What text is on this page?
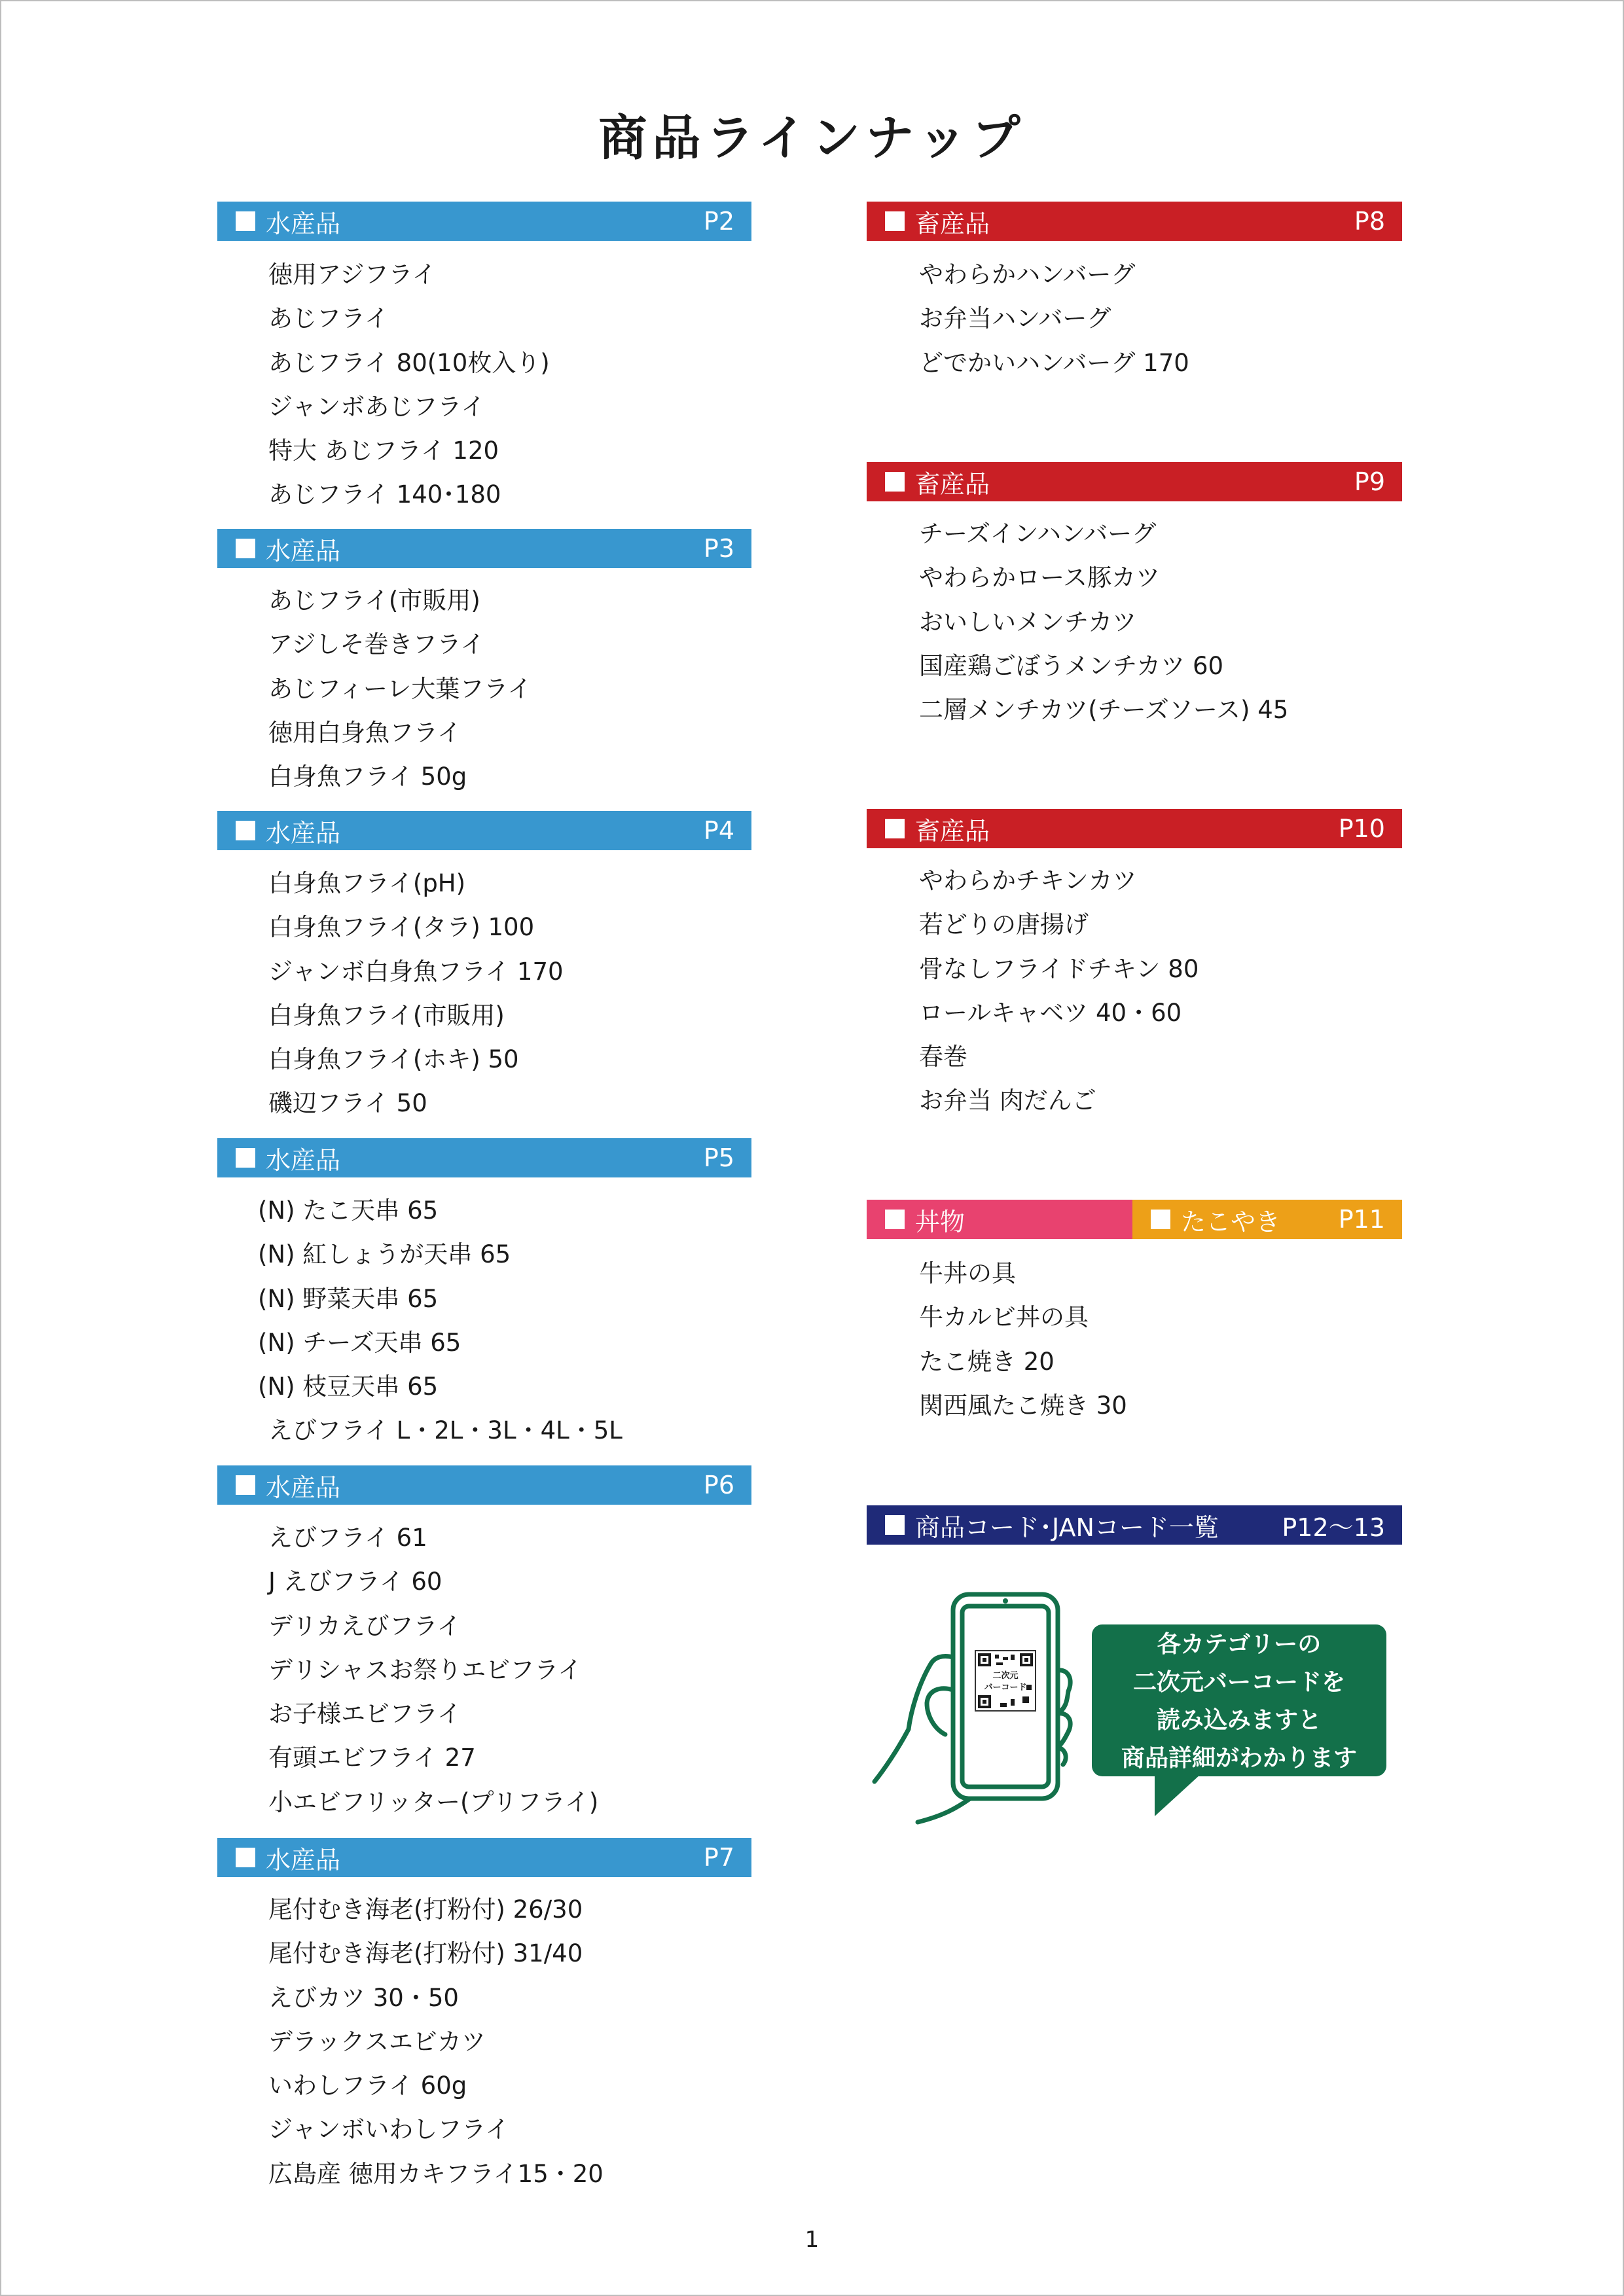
商品ラインナップ
水産品	P2
徳用アジフライ
あじフライ
あじフライ 80(10枚入り)
ジャンボあじフライ
特大 あじフライ 120
あじフライ 140･180
水産品	P3
あじフライ(市販用)
アジしそ巻きフライ
あじフィーレ大葉フライ
徳用白身魚フライ
白身魚フライ 50g
水産品	P4
白身魚フライ(pH)
白身魚フライ(タラ) 100
ジャンボ白身魚フライ 170
白身魚フライ(市販用)
白身魚フライ(ホキ) 50
磯辺フライ 50
水産品	P5
(N) たこ天串 65
(N) 紅しょうが天串 65
(N) 野菜天串 65
(N) チーズ天串 65
(N) 枝豆天串 65
えびフライ L・2L・3L・4L・5L
水産品	P6
えびフライ 61
J えびフライ 60
デリカえびフライ
デリシャスお祭りエビフライ
お子様エビフライ
有頭エビフライ 27
小エビフリッター(プリフライ)
水産品	P7
尾付むき海老(打粉付) 26/30
尾付むき海老(打粉付) 31/40
えびカツ 30・50
デラックスエビカツ
いわしフライ 60g
ジャンボいわしフライ
広島産 徳用カキフライ15・20
畜産品	P8
やわらかハンバーグ
お弁当ハンバーグ
どでかいハンバーグ 170
畜産品	P9
チーズインハンバーグ
やわらかロース豚カツ
おいしいメンチカツ
国産鶏ごぼうメンチカツ 60
二層メンチカツ(チーズソース) 45
畜産品	P10
やわらかチキンカツ
若どりの唐揚げ
骨なしフライドチキン 80
ロールキャベツ 40・60
春巻
お弁当 肉だんご
丼物	たこやき P11
牛丼の具
牛カルビ丼の具
たこ焼き 20
関西風たこ焼き 30
商品コード･JANコード一覧	P12〜13
二次元
バーコード
各カテゴリーの
二次元バーコードを
読み込みますと
商品詳細がわかります
1
